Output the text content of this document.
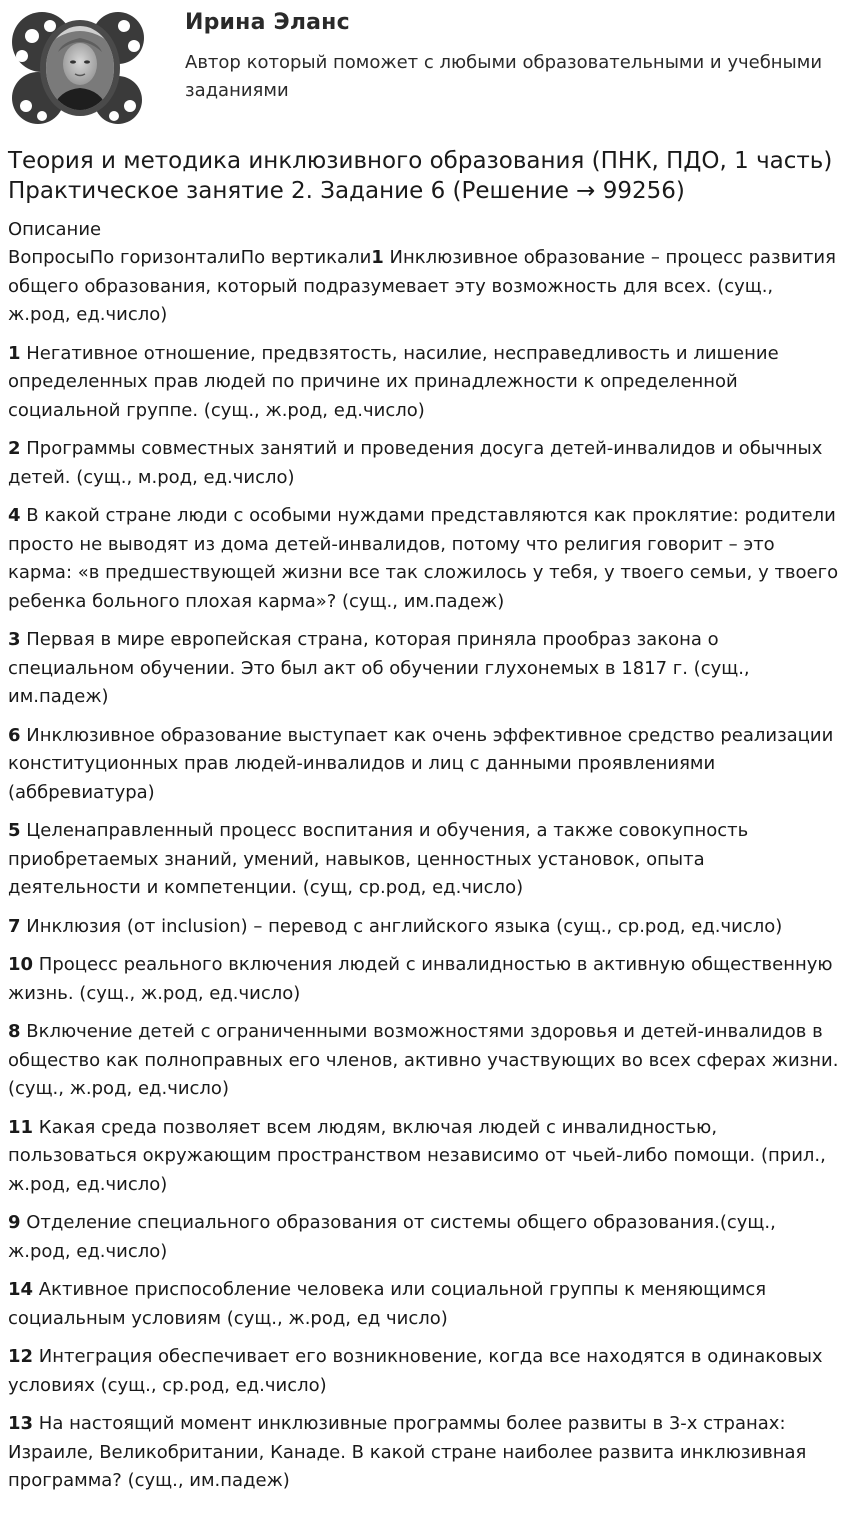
Ирина Эланс
Автор который поможет с любыми образовательными и учебными заданиями
Теория и методика инклюзивного образования (ПНК, ПДО, 1 часть) Практическое занятие 2. Задание 6 (Решение → 99256)
Описание

ВопросыПо горизонталиПо вертикали1 Инклюзивное образование – процесс развития общего образования, который подразумевает эту возможность для всех. (сущ., ж.род, ед.число)

1 Негативное отношение, предвзятость, насилие, несправедливость и лишение определенных прав людей по причине их принадлежности к определенной социальной группе. (сущ., ж.род, ед.число)

2 Программы совместных занятий и проведения досуга детей-инвалидов и обычных детей. (сущ., м.род, ед.число)

4 В какой стране люди с особыми нуждами представляются как проклятие: родители просто не выводят из дома детей-инвалидов, потому что религия говорит – это карма: «в предшествующей жизни все так сложилось у тебя, у твоего семьи, у твоего ребенка больного плохая карма»? (сущ., им.падеж)

3 Первая в мире европейская страна, которая приняла прообраз закона о специальном обучении. Это был акт об обучении глухонемых в 1817 г. (сущ., им.падеж)

6 Инклюзивное образование выступает как очень эффективное средство реализации конституционных прав людей-инвалидов и лиц с данными проявлениями (аббревиатура)

5 Целенаправленный процесс воспитания и обучения, а также совокупность приобретаемых знаний, умений, навыков, ценностных установок, опыта деятельности и компетенции. (сущ, ср.род, ед.число)

7 Инклюзия (от inclusion) – перевод с английского языка (сущ., ср.род, ед.число)

10 Процесс реального включения людей с инвалидностью в активную общественную жизнь. (сущ., ж.род, ед.число)

8 Включение детей с ограниченными возможностями здоровья и детей-инвалидов в общество как полноправных его членов, активно участвующих во всех сферах жизни. (сущ., ж.род, ед.число)

11 Какая среда позволяет всем людям, включая людей с инвалидностью, пользоваться окружающим пространством независимо от чьей-либо помощи. (прил., ж.род, ед.число)

9 Отделение специального образования от системы общего образования.(сущ., ж.род, ед.число)

14 Активное приспособление человека или социальной группы к меняющимся социальным условиям (сущ., ж.род, ед число)

12 Интеграция обеспечивает его возникновение, когда все находятся в одинаковых условиях (сущ., ср.род, ед.число)

13 На настоящий момент инклюзивные программы более развиты в 3-х странах: Израиле, Великобритании, Канаде. В какой стране наиболее развита инклюзивная программа? (сущ., им.падеж)
